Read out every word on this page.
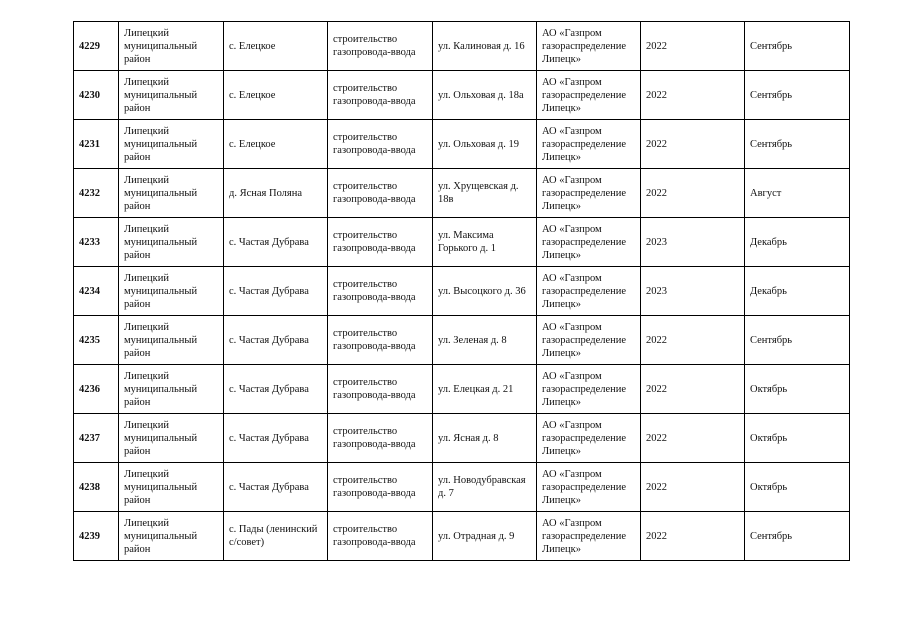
4229	Липецкий муниципальный район	с. Елецкое	строительство газопровода-ввода	ул. Калиновая д. 16	АО «Газпром газораспределение Липецк»	2022	Сентябрь
4230	Липецкий муниципальный район	с. Елецкое	строительство газопровода-ввода	ул. Ольховая д. 18а	АО «Газпром газораспределение Липецк»	2022	Сентябрь
4231	Липецкий муниципальный район	с. Елецкое	строительство газопровода-ввода	ул. Ольховая д. 19	АО «Газпром газораспределение Липецк»	2022	Сентябрь
4232	Липецкий муниципальный район	д. Ясная Поляна	строительство газопровода-ввода	ул. Хрущевская д. 18в	АО «Газпром газораспределение Липецк»	2022	Август
4233	Липецкий муниципальный район	с. Частая Дубрава	строительство газопровода-ввода	ул. Максима Горького д. 1	АО «Газпром газораспределение Липецк»	2023	Декабрь
4234	Липецкий муниципальный район	с. Частая Дубрава	строительство газопровода-ввода	ул. Высоцкого д. 36	АО «Газпром газораспределение Липецк»	2023	Декабрь
4235	Липецкий муниципальный район	с. Частая Дубрава	строительство газопровода-ввода	ул. Зеленая д. 8	АО «Газпром газораспределение Липецк»	2022	Сентябрь
4236	Липецкий муниципальный район	с. Частая Дубрава	строительство газопровода-ввода	ул. Елецкая д. 21	АО «Газпром газораспределение Липецк»	2022	Октябрь
4237	Липецкий муниципальный район	с. Частая Дубрава	строительство газопровода-ввода	ул. Ясная д. 8	АО «Газпром газораспределение Липецк»	2022	Октябрь
4238	Липецкий муниципальный район	с. Частая Дубрава	строительство газопровода-ввода	ул. Новодубравская д. 7	АО «Газпром газораспределение Липецк»	2022	Октябрь
4239	Липецкий муниципальный район	с. Пады (ленинский с/совет)	строительство газопровода-ввода	ул. Отрадная д. 9	АО «Газпром газораспределение Липецк»	2022	Сентябрь
